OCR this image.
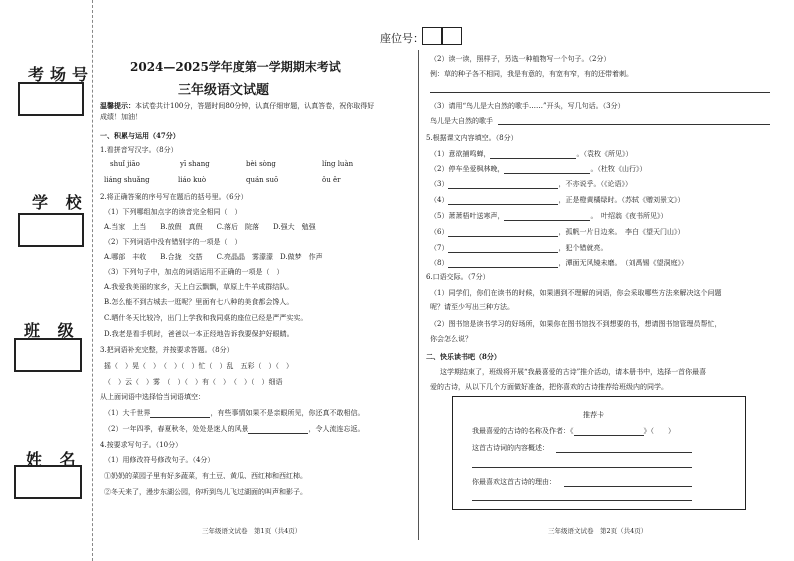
考场号
学 校
班 级
姓 名
座位号：
2024—2025学年度第一学期期末考试
三年级语文试题
温馨提示：本试卷共计100分，答题时间80分钟，认真仔细审题，认真答卷，祝你取得好
成绩！加油！
一、积累与运用（47分）
1.看拼音写汉字。（8分）
shuǐ jiāo	yī shang	bèi sòng	líng luàn
liáng shuǎng	liáo kuò	quán suō	ǒu ěr
2.将正确答案的序号写在题后的括号里。（6分）
（1）下列哪组加点字的读音完全相同（　）
A.当家　上当　　B.放假　真假　　C.落后　院落　　D.强大　勉强
（2）下列词语中没有错别字的一项是（　）
A.哪部　丰收　　B.合拢　交搭　　C.亮晶晶　雾濛濛　D.做梦　作声
（3）下列句子中，加点的词语运用不正确的一项是（　）
A.我爱我美丽的家乡，天上白云飘飘，草原上牛羊成群结队。
B.怎么能不到古城去一逛呢？里面有七八种的美食都会馋人。
C.晒什冬天比较冷，出门上学我和我同桌的座位已经是严严实实。
D.我老是看手机时，爸爸以一本正经地告诉我要保护好眼睛。
3.把词语补充完整，并按要求答题。（8分）
摇（　）晃（　）　（　）（　）忙（　）乱　五彩（　）（　）
（　）云（　）雾　（　）（　）有（　）　（　）（　）细语
从上面词语中选择恰当词语填空：
（1）大千世界	，有些事情如果不是亲眼所见，你还真不敢相信。
（2）一年四季，春夏秋冬，处处是迷人的风景	，令人流连忘返。
4.按要求写句子。（10分）
（1）用修改符号修改句子。（4分）
①奶奶的菜园子里有好多蔬菜，有土豆、黄瓜、西红柿和西红柿。
②冬天来了，漫步东湖公园，你听到鸟儿飞过湖面的叫声和影子。
三年级语文试卷　第1页（共4页）
（2）读一读，照样子，另选一种植物写一个句子。（2分）
例：草的种子各不相同，我是有意的，有宽有窄，有的还带着刺。
（3）请用“鸟儿是大自然的歌手……”开头，写几句话。（3分）
鸟儿是大自然的歌手
5.根据课文内容填空。（8分）
（1）意欲捕鸣蝉，	。（袁枚《所见》）
（2）停车坐爱枫林晚，	。（杜牧《山行》）
（3）	，不亦说乎。（《论语》）
（4）	，正是橙黄橘绿时。（苏轼《赠刘景文》）
（5）萧萧梧叶送寒声，	。　叶绍翁《夜书所见》）
（6）	，孤帆一片日边来。　李白《望天门山》）
（7）	，犯个错就亮。
（8）	，潭面无风镜未磨。　（刘禹锡《望洞庭》）
6.口语交际。（7分）
（1）同学们，你们在读书的时候，如果遇到不理解的词语，你会采取哪些方法来解决这个问题
呢？请至少写出三种方法。
（2）图书馆是读书学习的好场所，如果你在图书馆找不到想要的书，想请图书馆管理员帮忙，
你会怎么说？
二、快乐读书吧（8分）
这学期结束了，班级将开展“我最喜爱的古诗”推介活动，请本册书中，选择一首你最喜
爱的古诗，从以下几个方面做好准备，把你喜欢的古诗推荐给班级内的同学。
推荐卡
我最喜爱的古诗的名称及作者：《	》（　　）
这首古诗词的内容概述：
你最喜欢这首古诗的理由：
三年级语文试卷　第2页（共4页）
